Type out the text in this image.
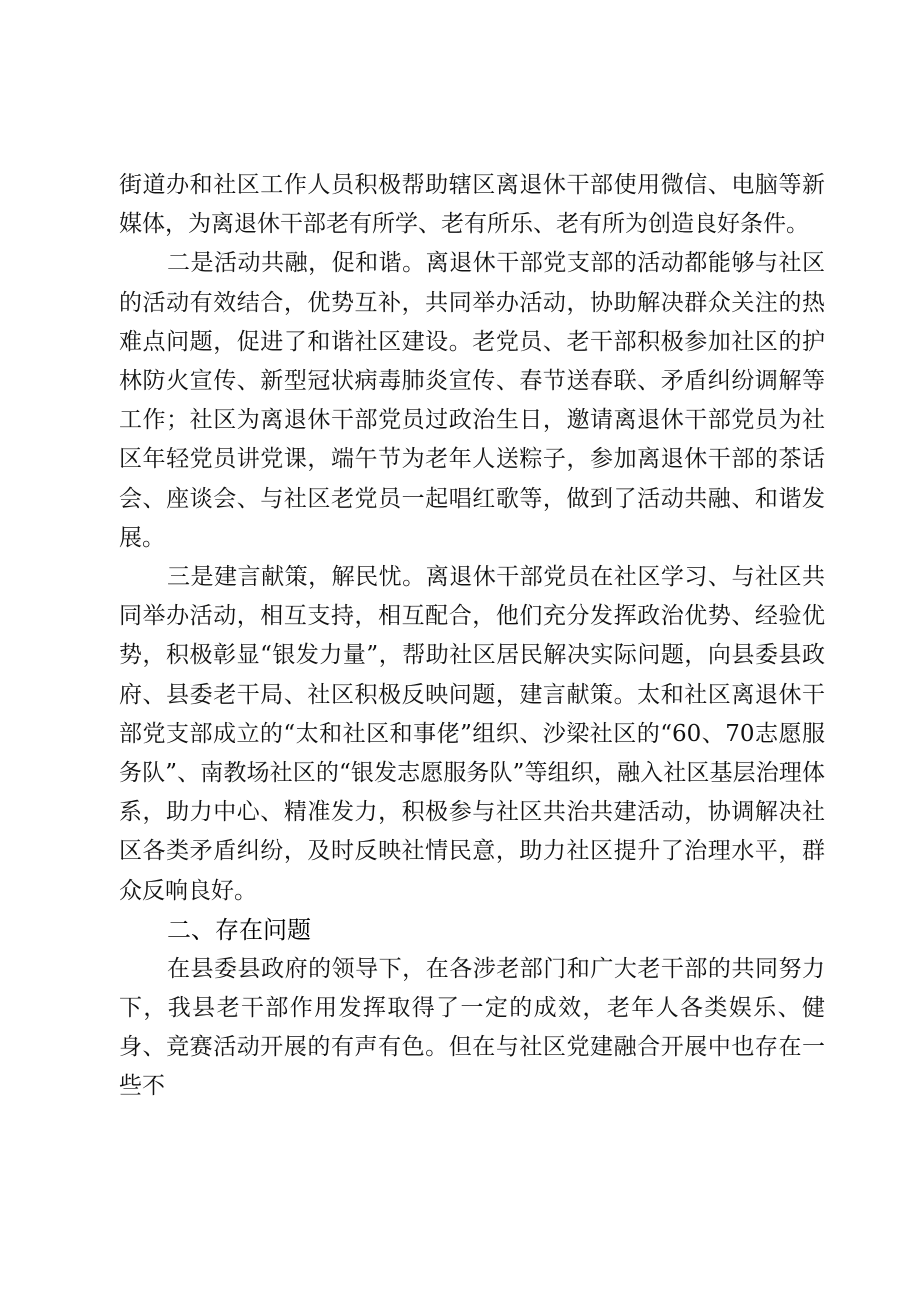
街道办和社区工作人员积极帮助辖区离退休干部使用微信、电脑等新媒体，为离退休干部老有所学、老有所乐、老有所为创造良好条件。

二是活动共融，促和谐。离退休干部党支部的活动都能够与社区的活动有效结合，优势互补，共同举办活动，协助解决群众关注的热难点问题，促进了和谐社区建设。老党员、老干部积极参加社区的护林防火宣传、新型冠状病毒肺炎宣传、春节送春联、矛盾纠纷调解等工作；社区为离退休干部党员过政治生日，邀请离退休干部党员为社区年轻党员讲党课，端午节为老年人送粽子，参加离退休干部的茶话会、座谈会、与社区老党员一起唱红歌等，做到了活动共融、和谐发展。

三是建言献策，解民忧。离退休干部党员在社区学习、与社区共同举办活动，相互支持，相互配合，他们充分发挥政治优势、经验优势，积极彰显“银发力量”，帮助社区居民解决实际问题，向县委县政府、县委老干局、社区积极反映问题，建言献策。太和社区离退休干部党支部成立的“太和社区和事佬”组织、沙梁社区的“60、70志愿服务队”、南教场社区的“银发志愿服务队”等组织，融入社区基层治理体系，助力中心、精准发力，积极参与社区共治共建活动，协调解决社区各类矛盾纠纷，及时反映社情民意，助力社区提升了治理水平，群众反响良好。

二、存在问题

在县委县政府的领导下，在各涉老部门和广大老干部的共同努力下，我县老干部作用发挥取得了一定的成效，老年人各类娱乐、健身、竞赛活动开展的有声有色。但在与社区党建融合开展中也存在一些不
